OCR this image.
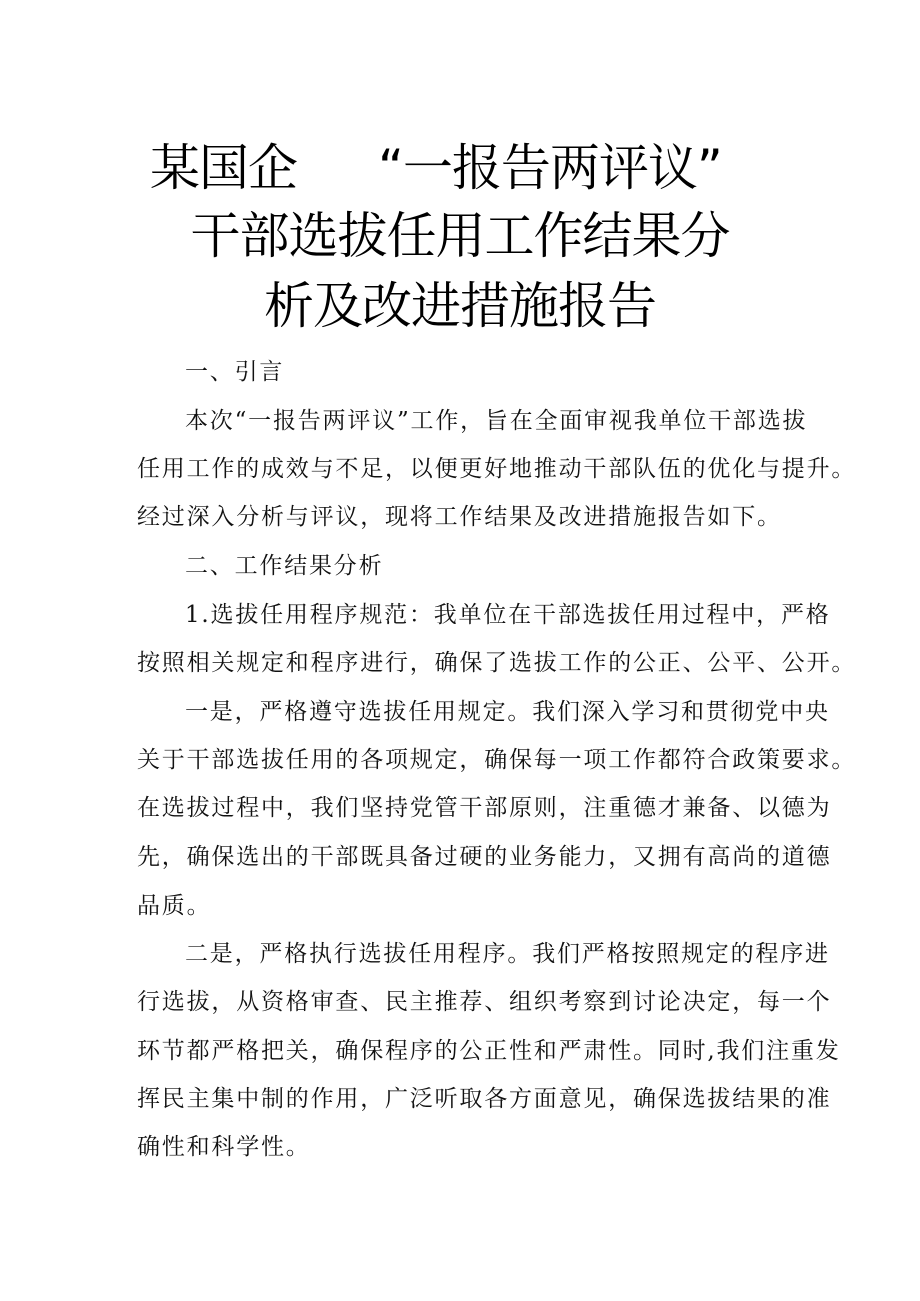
某国企 “一报告两评议”
干部选拔任用工作结果分
析及改进措施报告
一、引言
本次“一报告两评议”工作，旨在全面审视我单位干部选拔
任用工作的成效与不足，以便更好地推动干部队伍的优化与提升。
经过深入分析与评议，现将工作结果及改进措施报告如下。
二、工作结果分析
1.选拔任用程序规范：我单位在干部选拔任用过程中，严格
按照相关规定和程序进行，确保了选拔工作的公正、公平、公开。
一是，严格遵守选拔任用规定。我们深入学习和贯彻党中央
关于干部选拔任用的各项规定，确保每一项工作都符合政策要求。
在选拔过程中，我们坚持党管干部原则，注重德才兼备、以德为
先，确保选出的干部既具备过硬的业务能力，又拥有高尚的道德
品质。
二是，严格执行选拔任用程序。我们严格按照规定的程序进
行选拔，从资格审查、民主推荐、组织考察到讨论决定，每一个
环节都严格把关，确保程序的公正性和严肃性。同时,我们注重发
挥民主集中制的作用，广泛听取各方面意见，确保选拔结果的准
确性和科学性。
